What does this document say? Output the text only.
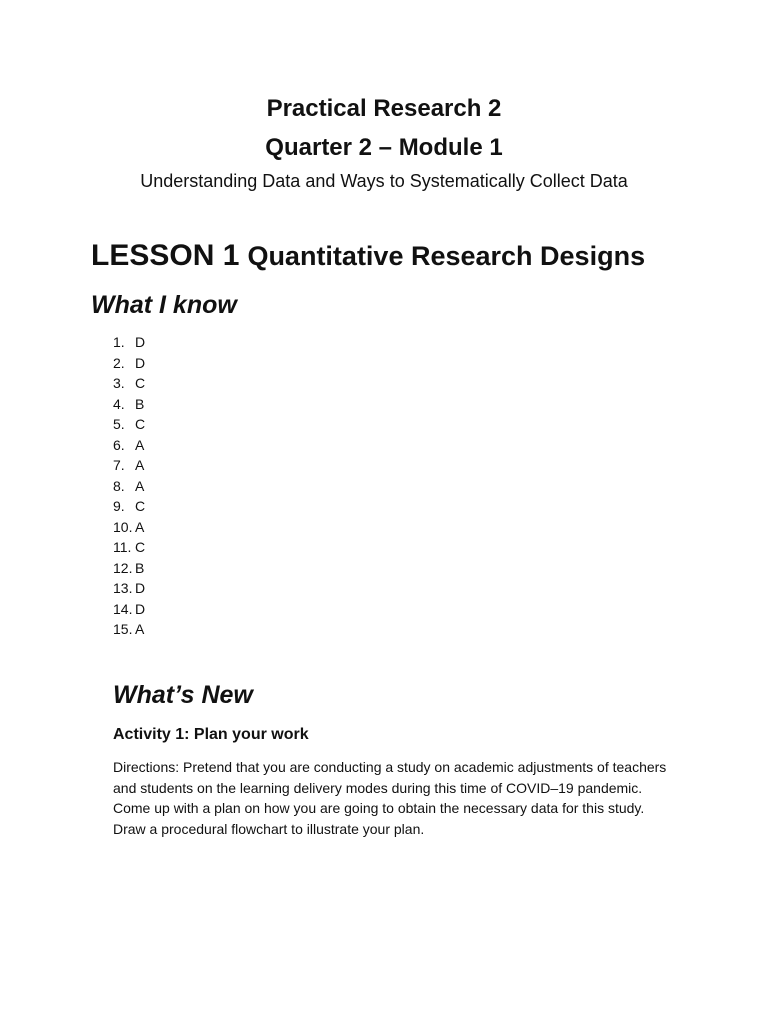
Practical Research 2
Quarter 2 – Module 1
Understanding Data and Ways to Systematically Collect Data
LESSON 1 Quantitative Research Designs
What I know
1. D
2. D
3. C
4. B
5. C
6. A
7. A
8. A
9. C
10. A
11. C
12. B
13. D
14. D
15. A
What’s New
Activity 1: Plan your work

Directions: Pretend that you are conducting a study on academic adjustments of teachers and students on the learning delivery modes during this time of COVID–19 pandemic. Come up with a plan on how you are going to obtain the necessary data for this study. Draw a procedural flowchart to illustrate your plan.
